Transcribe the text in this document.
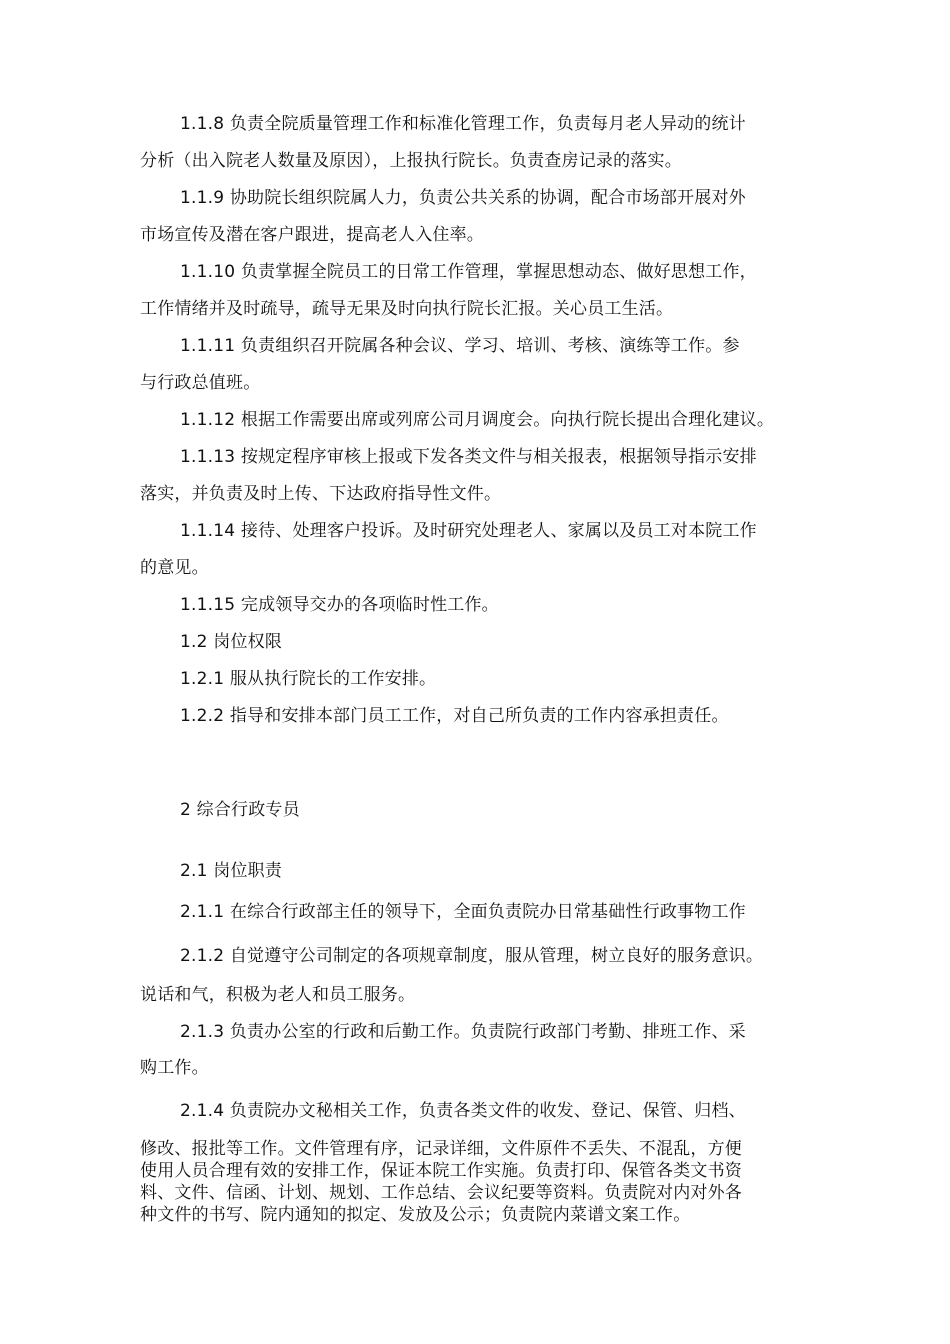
1.1.8 负责全院质量管理工作和标准化管理工作，负责每月老人异动的统计
分析（出入院老人数量及原因），上报执行院长。负责查房记录的落实。
1.1.9 协助院长组织院属人力，负责公共关系的协调，配合市场部开展对外
市场宣传及潜在客户跟进，提高老人入住率。
1.1.10 负责掌握全院员工的日常工作管理，掌握思想动态、做好思想工作，
工作情绪并及时疏导，疏导无果及时向执行院长汇报。关心员工生活。
1.1.11 负责组织召开院属各种会议、学习、培训、考核、演练等工作。参
与行政总值班。
1.1.12 根据工作需要出席或列席公司月调度会。向执行院长提出合理化建议。
1.1.13 按规定程序审核上报或下发各类文件与相关报表，根据领导指示安排
落实，并负责及时上传、下达政府指导性文件。
1.1.14 接待、处理客户投诉。及时研究处理老人、家属以及员工对本院工作
的意见。
1.1.15 完成领导交办的各项临时性工作。
1.2 岗位权限
1.2.1 服从执行院长的工作安排。
1.2.2 指导和安排本部门员工工作，对自己所负责的工作内容承担责任。
2 综合行政专员
2.1 岗位职责
2.1.1 在综合行政部主任的领导下，全面负责院办日常基础性行政事物工作
2.1.2 自觉遵守公司制定的各项规章制度，服从管理，树立良好的服务意识。
说话和气，积极为老人和员工服务。
2.1.3 负责办公室的行政和后勤工作。负责院行政部门考勤、排班工作、采
购工作。
2.1.4 负责院办文秘相关工作，负责各类文件的收发、登记、保管、归档、
修改、报批等工作。文件管理有序，记录详细，文件原件不丢失、不混乱，方便
使用人员合理有效的安排工作，保证本院工作实施。负责打印、保管各类文书资
料、文件、信函、计划、规划、工作总结、会议纪要等资料。负责院对内对外各
种文件的书写、院内通知的拟定、发放及公示；负责院内菜谱文案工作。
